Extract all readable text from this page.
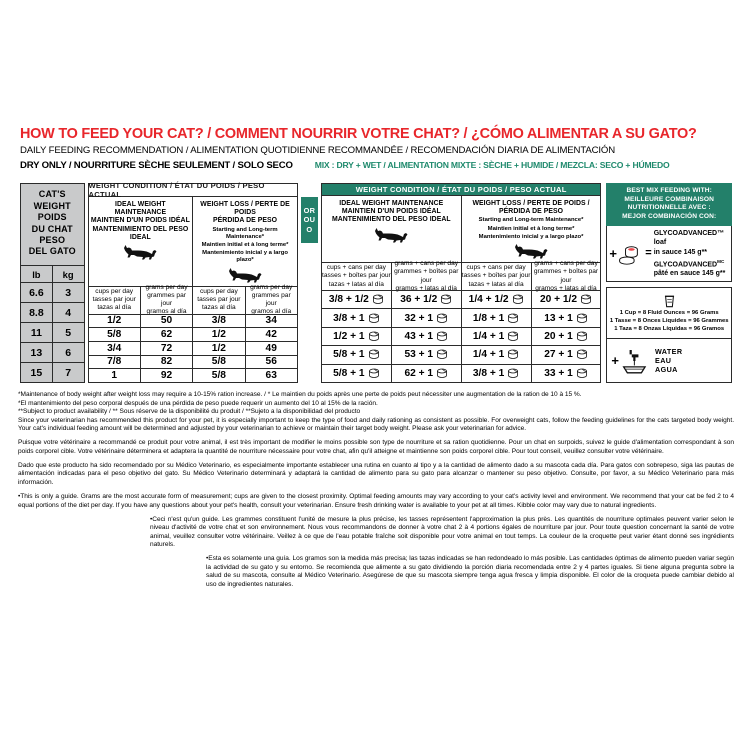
HOW TO FEED YOUR CAT? / COMMENT NOURRIR VOTRE CHAT? / ¿CÓMO ALIMENTAR A SU GATO?
DAILY FEEDING RECOMMENDATION / ALIMENTATION QUOTIDIENNE RECOMMANDÉE / RECOMENDACIÓN DIARIA DE ALIMENTACIÓN
DRY ONLY / NOURRITURE SÈCHE SEULEMENT / SOLO SECO	MIX : DRY + WET / ALIMENTATION MIXTE : SÈCHE + HUMIDE / MEZCLA: SECO + HÚMEDO
CAT'S
WEIGHT
POIDS
DU CHAT
PESO
DEL GATO
lb	kg
6.6	3
8.8	4
11	5
13	6
15	7
WEIGHT CONDITION / ÉTAT DU POIDS / PESO ACTUAL
IDEAL WEIGHT MAINTENANCE
MAINTIEN D'UN POIDS IDÉAL
MANTENIMIENTO DEL PESO IDEAL
cups per day
tasses par jour
tazas al día
grams per day
grammes par jour
gramos al día
WEIGHT LOSS / PERTE DE POIDS
PÉRDIDA DE PESO
Starting and Long-term Maintenance*
Maintien initial et à long terme*
Mantenimiento inicial y a largo plazo*
cups per day
tasses par jour
tazas al día
grams per day
grammes par jour
gramos al día
1/2	50	3/8	34
5/8	62	1/2	42
3/4	72	1/2	49
7/8	82	5/8	56
1	92	5/8	63
OR
OU
O
WEIGHT CONDITION / ÉTAT DU POIDS / PESO ACTUAL
IDEAL WEIGHT MAINTENANCE
MAINTIEN D'UN POIDS IDÉAL
MANTENIMIENTO DEL PESO IDEAL
cups + cans per day
tasses + boîtes par jour
tazas + latas al día
grams + cans per day
grammes + boîtes par jour
gramos + latas al día
WEIGHT LOSS / PERTE DE POIDS / PÉRDIDA DE PESO
Starting and Long-term Maintenance*
Maintien initial et à long terme*
Mantenimiento inicial y a largo plazo*
cups + cans per day
tasses + boîtes par jour
tazas + latas al día
grams + cans per day
grammes + boîtes par jour
gramos + latas al día
3/8 + 1/2	36 + 1/2	1/4 + 1/2	20 + 1/2
3/8 + 1	32 + 1	1/8 + 1	13 + 1
1/2 + 1	43 + 1	1/4 + 1	20 + 1
5/8 + 1	53 + 1	1/4 + 1	27 + 1
5/8 + 1	62 + 1	3/8 + 1	33 + 1
BEST MIX FEEDING WITH:
MEILLEURE COMBINAISON
NUTRITIONNELLE AVEC :
MEJOR COMBINACIÓN CON:
+	=
GLYCOADVANCED™ loaf
in sauce 145 g**
$GLYCOADVANCED^{MC}$
pâté en sauce 145 g**
1 Cup = 8 Fluid Ounces = 96 Grams
1 Tasse = 8 Onces Liquides = 96 Grammes
1 Taza = 8 Onzas Líquidas = 96 Gramos
+
WATER
EAU
AGUA
*Maintenance of body weight after weight loss may require a 10-15% ration increase. / * Le maintien du poids après une perte de poids peut nécessiter une augmentation de la ration de 10 à 15 %.
*El mantenimiento del peso corporal después de una pérdida de peso puede requerir un aumento del 10 al 15% de la ración.
**Subject to product availability / ** Sous réserve de la disponibilité du produit / **Sujeto a la disponibilidad del producto
Since your veterinarian has recommended this product for your pet, it is especially important to keep the type of food and daily rationing as consistent as possible. For overweight cats, follow the feeding guidelines for the cats targeted body weight. Your cat's individual feeding amount will be determined and adjusted by your veterinarian to achieve or maintain their target body weight. Please ask your veterinarian for advice.
Puisque votre vétérinaire a recommandé ce produit pour votre animal, il est très important de modifier le moins possible son type de nourriture et sa ration quotidienne. Pour un chat en surpoids, suivez le guide d'alimentation correspondant à son poids corporel cible. Votre vétérinaire déterminera et adaptera la quantité de nourriture nécessaire pour votre chat, afin qu'il atteigne et maintienne son poids corporel cible. Pour tout conseil, veuillez consulter votre vétérinaire.
Dado que este producto ha sido recomendado por su Médico Veterinario, es especialmente importante establecer una rutina en cuanto al tipo y a la cantidad de alimento dado a su mascota cada día. Para gatos con sobrepeso, siga las pautas de alimentación indicadas para el peso objetivo del gato. Su Médico Veterinario determinará y adaptará la cantidad de alimento para su gato para alcanzar o mantener su peso objetivo. Consulte, por favor, a su Médico Veterinario para más información.
•This is only a guide. Grams are the most accurate form of measurement; cups are given to the closest proximity. Optimal feeding amounts may vary according to your cat's activity level and environment. We recommend that your cat be fed 2 to 4 equal portions of the diet per day. If you have any questions about your pet's health, consult your veterinarian. Ensure fresh drinking water is available to your pet at all times. Kibble color may vary due to natural ingredients.
•Ceci n'est qu'un guide. Les grammes constituent l'unité de mesure la plus précise, les tasses représentent l'approximation la plus près. Les quantités de nourriture optimales peuvent varier selon le niveau d'activité de votre chat et son environnement. Nous vous recommandons de donner à votre chat 2 à 4 portions égales de nourriture par jour. Pour toute question concernant la santé de votre animal, veuillez consulter votre vétérinaire. Veillez à ce que de l'eau potable fraîche soit disponible pour votre animal en tout temps. La couleur de la croquette peut varier étant donné ses ingrédients naturels.
•Esta es solamente una guía. Los gramos son la medida más precisa; las tazas indicadas se han redondeado lo más posible. Las cantidades óptimas de alimento pueden variar según la actividad de su gato y su entorno. Se recomienda que alimente a su gato dividiendo la porción diaria recomendada entre 2 y 4 partes iguales. Si tiene alguna pregunta sobre la salud de su mascota, consulte al Médico Veterinario. Asegúrese de que su mascota siempre tenga agua fresca y limpia disponible. El color de la croqueta puede cambiar debido al uso de ingredientes naturales.
